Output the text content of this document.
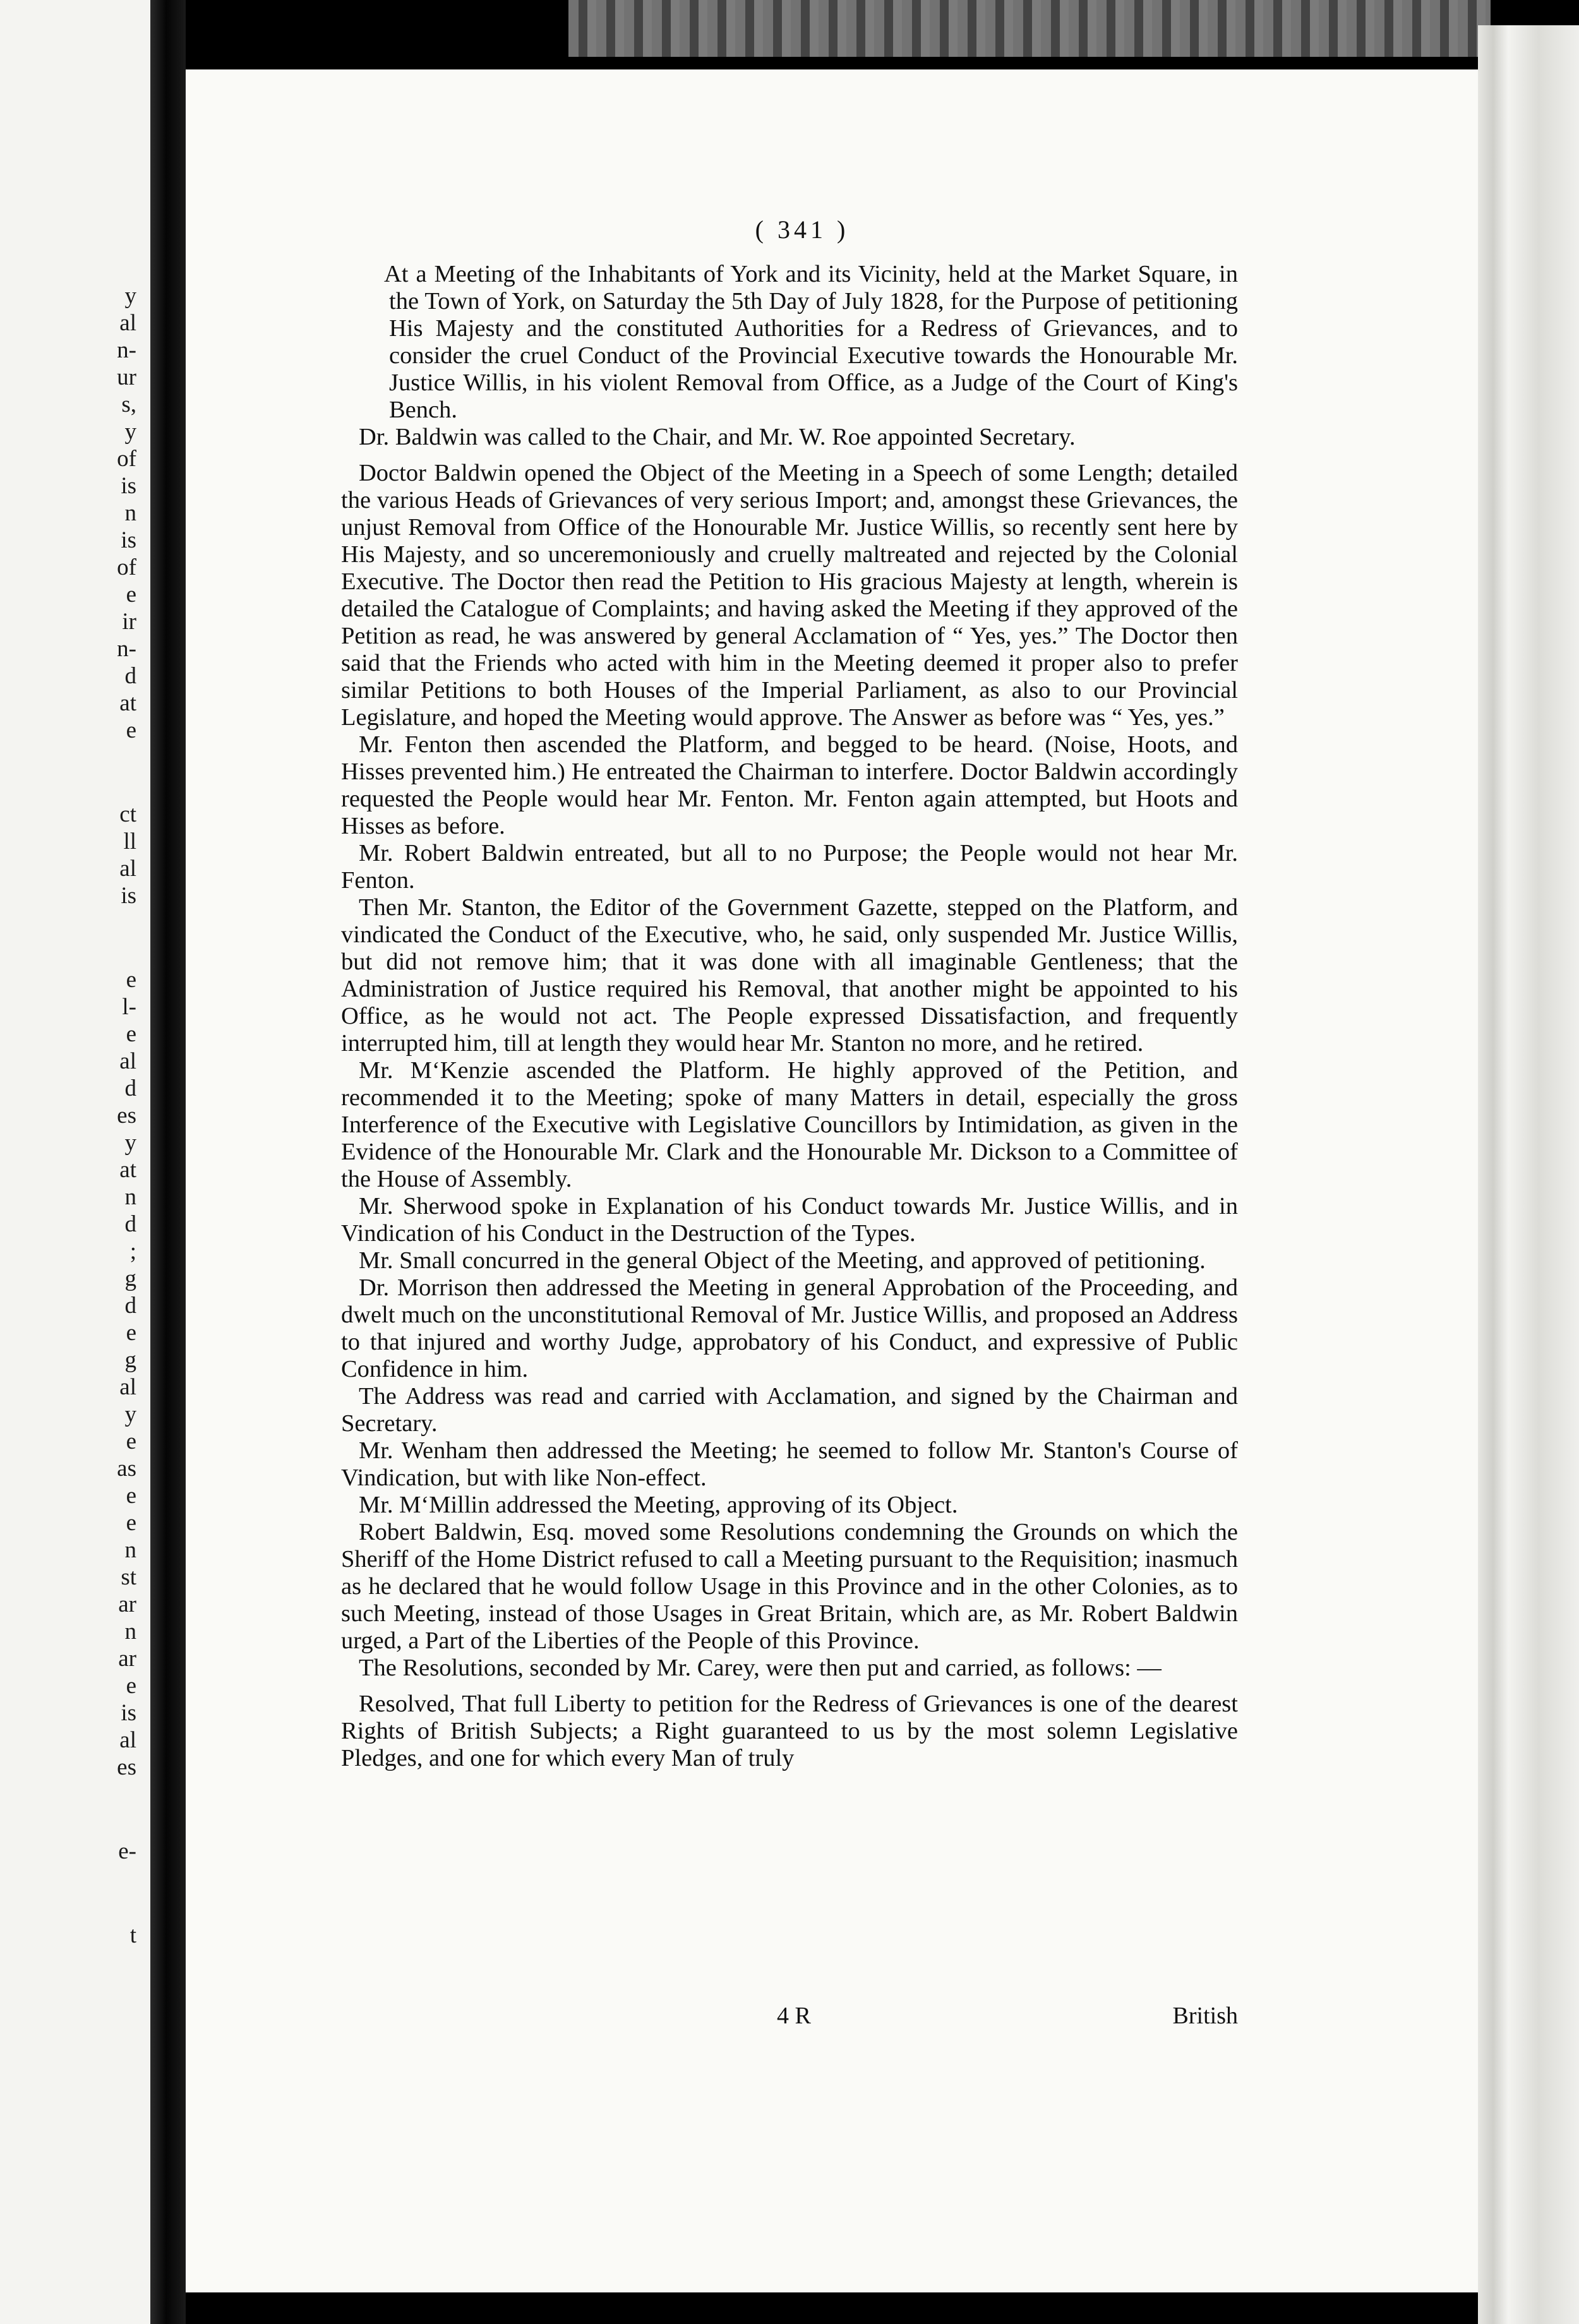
y
al
n-
ur
s,
y
of
is
n
is
of
e
ir
n-
d
at
e
ct
ll
al
is
e
l-
e
al
d
es
y
at
n
d
;
g
d
e
g
al
y
e
as
e
e
n
st
ar
n
ar
e
is
al
es
e-
t
( 341 )

At a Meeting of the Inhabitants of York and its Vicinity, held at the Market Square, in the Town of York, on Saturday the 5th Day of July 1828, for the Purpose of petitioning His Majesty and the constituted Authorities for a Redress of Grievances, and to consider the cruel Conduct of the Provincial Executive towards the Honourable Mr. Justice Willis, in his violent Removal from Office, as a Judge of the Court of King's Bench.

Dr. Baldwin was called to the Chair, and Mr. W. Roe appointed Secretary.

Doctor Baldwin opened the Object of the Meeting in a Speech of some Length; detailed the various Heads of Grievances of very serious Import; and, amongst these Grievances, the unjust Removal from Office of the Honourable Mr. Justice Willis, so recently sent here by His Majesty, and so unceremoniously and cruelly maltreated and rejected by the Colonial Executive. The Doctor then read the Petition to His gracious Majesty at length, wherein is detailed the Catalogue of Complaints; and having asked the Meeting if they approved of the Petition as read, he was answered by general Acclamation of “ Yes, yes.” The Doctor then said that the Friends who acted with him in the Meeting deemed it proper also to prefer similar Petitions to both Houses of the Imperial Parliament, as also to our Provincial Legislature, and hoped the Meeting would approve. The Answer as before was “ Yes, yes.”

Mr. Fenton then ascended the Platform, and begged to be heard. (Noise, Hoots, and Hisses prevented him.) He entreated the Chairman to interfere. Doctor Baldwin accordingly requested the People would hear Mr. Fenton. Mr. Fenton again attempted, but Hoots and Hisses as before.

Mr. Robert Baldwin entreated, but all to no Purpose; the People would not hear Mr. Fenton.

Then Mr. Stanton, the Editor of the Government Gazette, stepped on the Platform, and vindicated the Conduct of the Executive, who, he said, only suspended Mr. Justice Willis, but did not remove him; that it was done with all imaginable Gentleness; that the Administration of Justice required his Removal, that another might be appointed to his Office, as he would not act. The People expressed Dissatisfaction, and frequently interrupted him, till at length they would hear Mr. Stanton no more, and he retired.

Mr. M‘Kenzie ascended the Platform. He highly approved of the Petition, and recommended it to the Meeting; spoke of many Matters in detail, especially the gross Interference of the Executive with Legislative Councillors by Intimidation, as given in the Evidence of the Honourable Mr. Clark and the Honourable Mr. Dickson to a Committee of the House of Assembly.

Mr. Sherwood spoke in Explanation of his Conduct towards Mr. Justice Willis, and in Vindication of his Conduct in the Destruction of the Types.

Mr. Small concurred in the general Object of the Meeting, and approved of petitioning.

Dr. Morrison then addressed the Meeting in general Approbation of the Proceeding, and dwelt much on the unconstitutional Removal of Mr. Justice Willis, and proposed an Address to that injured and worthy Judge, approbatory of his Conduct, and expressive of Public Confidence in him.

The Address was read and carried with Acclamation, and signed by the Chairman and Secretary.

Mr. Wenham then addressed the Meeting; he seemed to follow Mr. Stanton's Course of Vindication, but with like Non-effect.

Mr. M‘Millin addressed the Meeting, approving of its Object.

Robert Baldwin, Esq. moved some Resolutions condemning the Grounds on which the Sheriff of the Home District refused to call a Meeting pursuant to the Requisition; inasmuch as he declared that he would follow Usage in this Province and in the other Colonies, as to such Meeting, instead of those Usages in Great Britain, which are, as Mr. Robert Baldwin urged, a Part of the Liberties of the People of this Province.

The Resolutions, seconded by Mr. Carey, were then put and carried, as follows: —

Resolved, That full Liberty to petition for the Redress of Grievances is one of the dearest Rights of British Subjects; a Right guaranteed to us by the most solemn Legislative Pledges, and one for which every Man of truly

4 R	British
